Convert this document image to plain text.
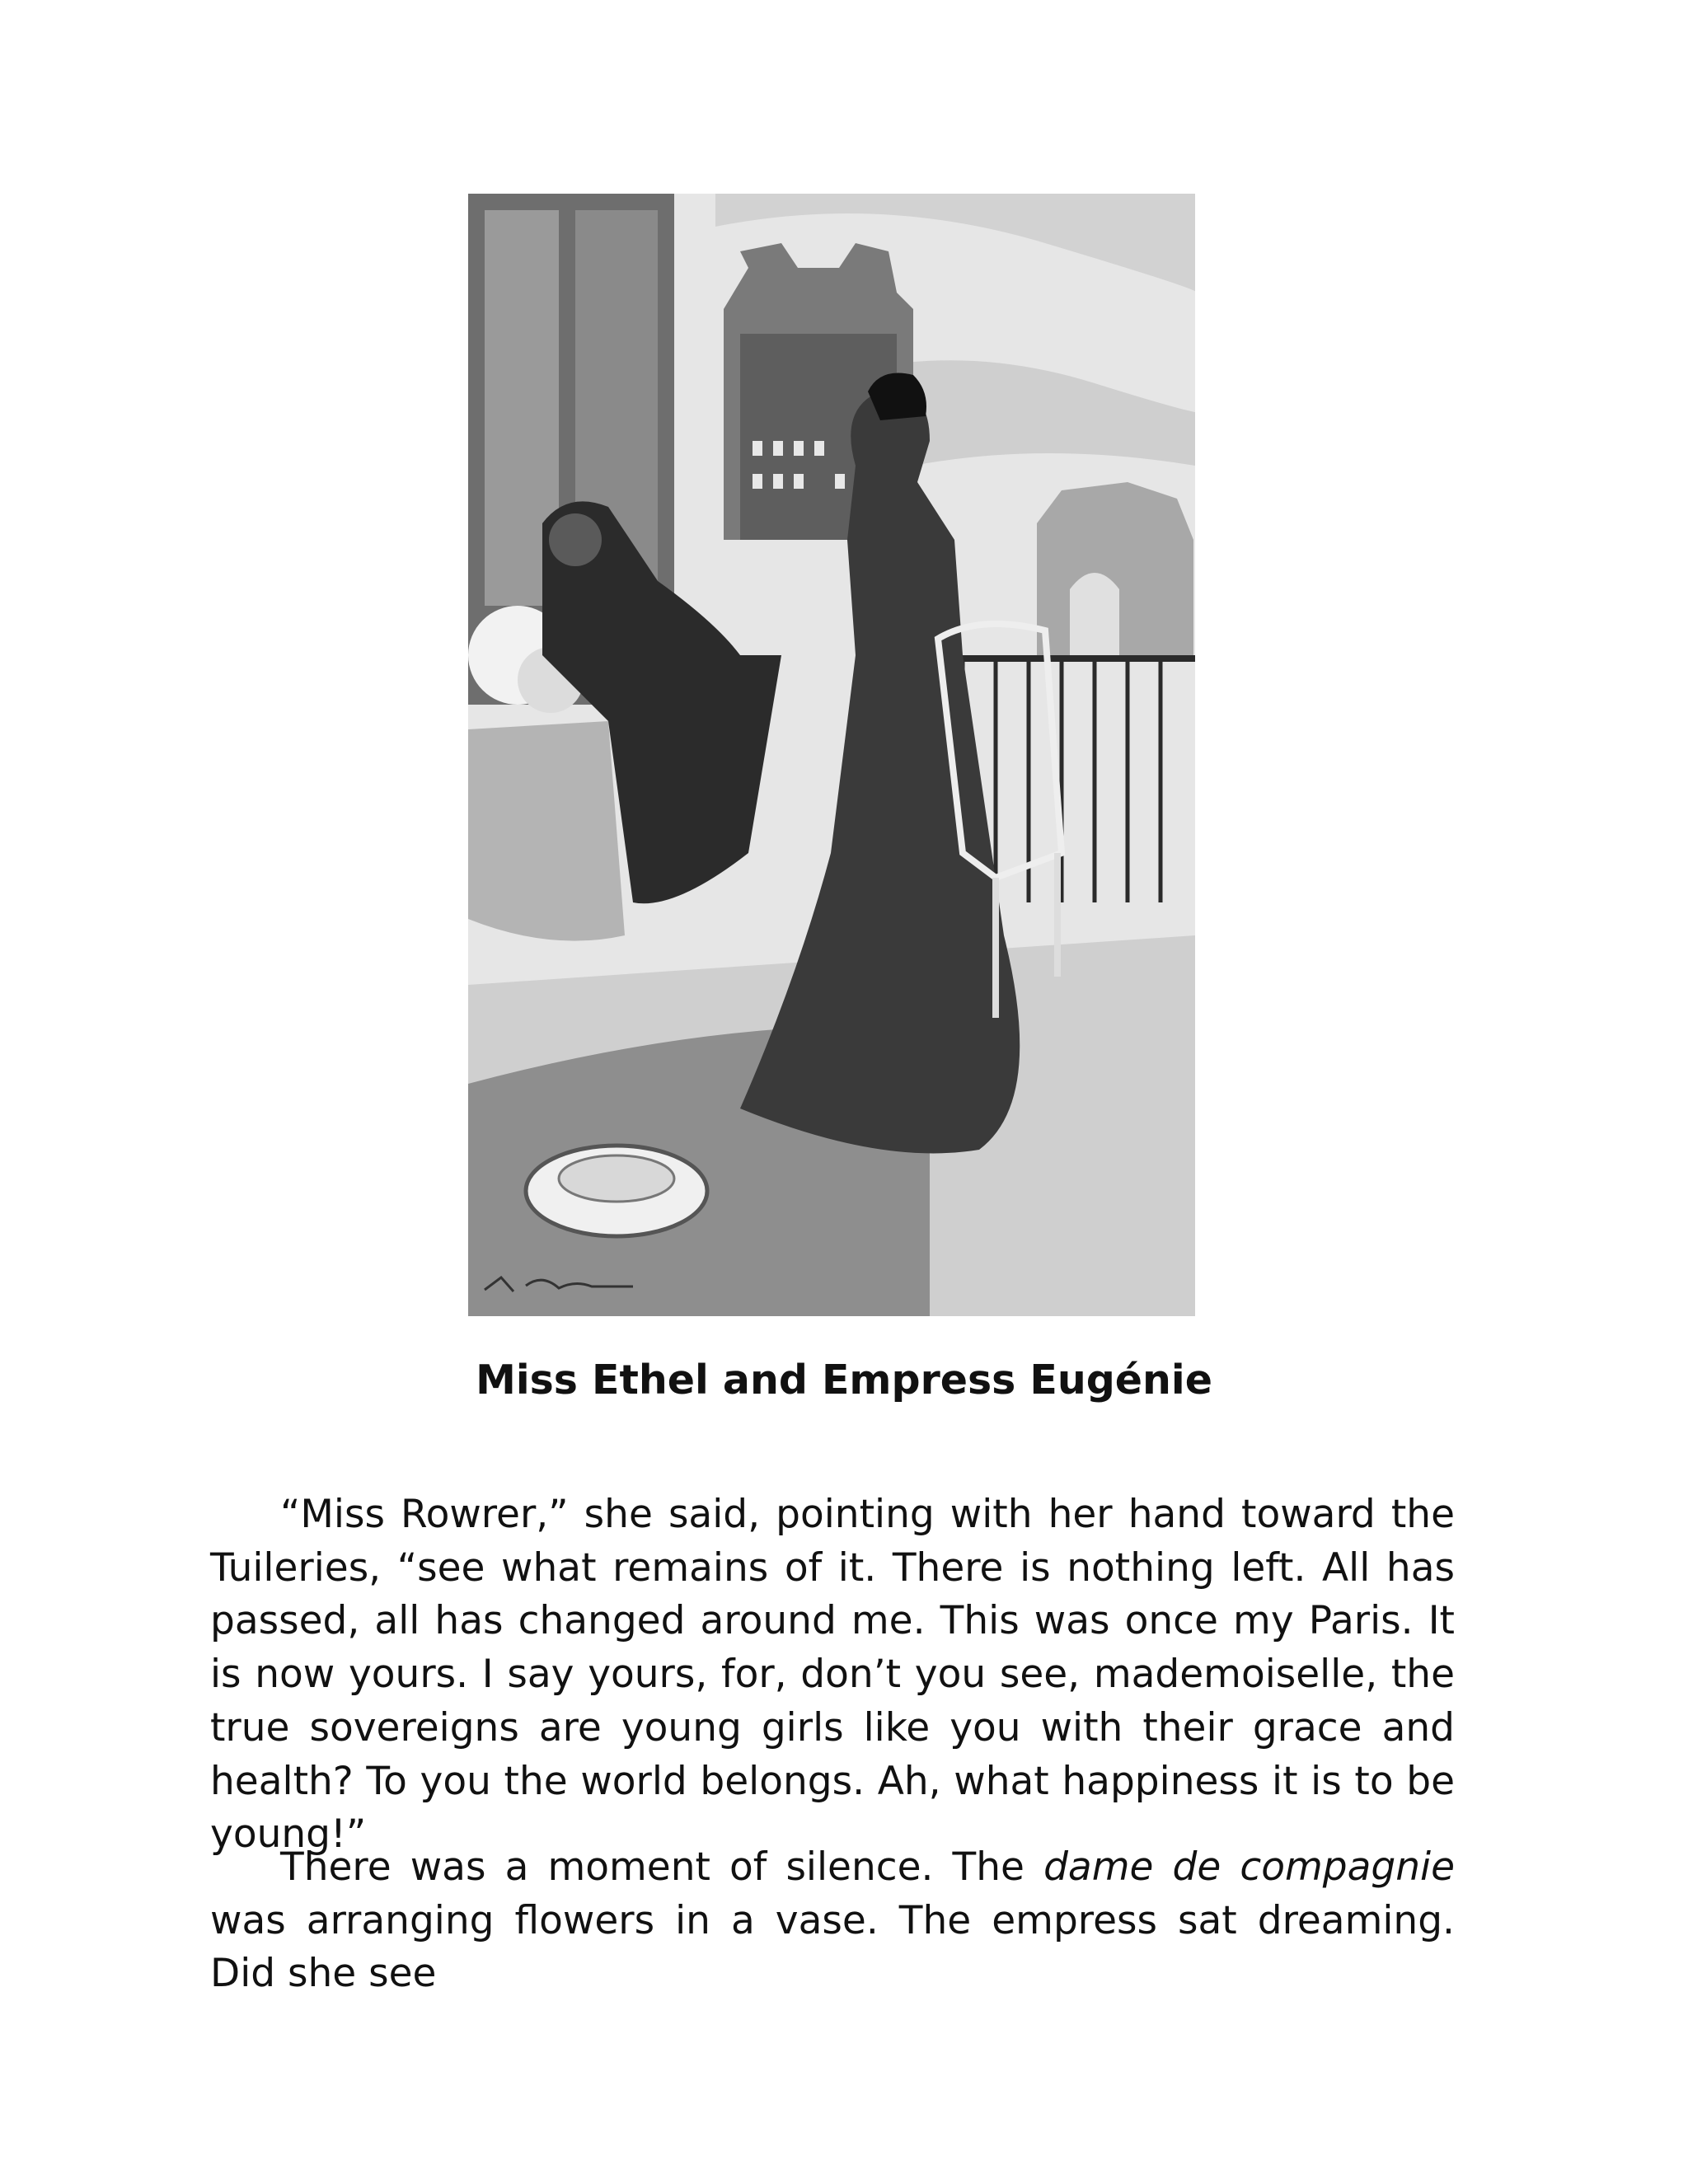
Miss Ethel and Empress Eugénie

“Miss Rowrer,” she said, pointing with her hand toward the Tuileries, “see what remains of it. There is nothing left. All has passed, all has changed around me. This was once my Paris. It is now yours. I say yours, for, don’t you see, mademoiselle, the true sovereigns are young girls like you with their grace and health? To you the world belongs. Ah, what happiness it is to be young!”

There was a moment of silence. The dame de compagnie was arranging flowers in a vase. The empress sat dreaming. Did she see
